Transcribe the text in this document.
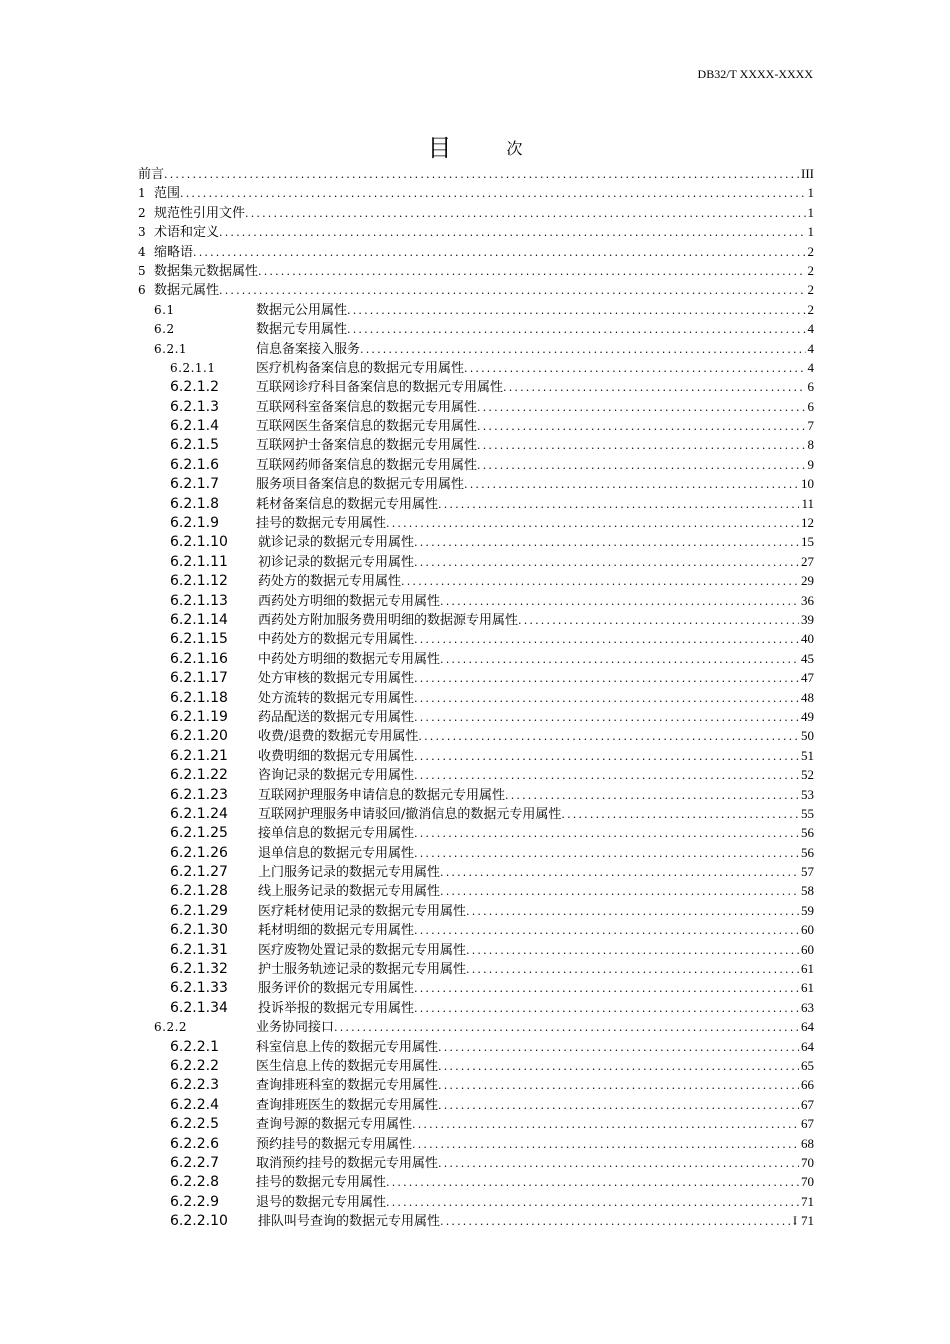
DB32/T XXXX-XXXX
目	次
前言 .....	III
1 范围 .....	1
2 规范性引用文件 .....	1
3 术语和定义 .....	1
4 缩略语 .....	2
5 数据集元数据属性 .....	2
6 数据元属性 .....	2
6.1	数据元公用属性 .....	2
6.2	数据元专用属性 .....	4
6.2.1	信息备案接入服务 .....	4
6.2.1.1	医疗机构备案信息的数据元专用属性 .....	4
6.2.1.2	互联网诊疗科目备案信息的数据元专用属性 .....	6
6.2.1.3	互联网科室备案信息的数据元专用属性 .....	6
6.2.1.4	互联网医生备案信息的数据元专用属性 .....	7
6.2.1.5	互联网护士备案信息的数据元专用属性 .....	8
6.2.1.6	互联网药师备案信息的数据元专用属性 .....	9
6.2.1.7	服务项目备案信息的数据元专用属性 .....	10
6.2.1.8	耗材备案信息的数据元专用属性 .....	11
6.2.1.9	挂号的数据元专用属性 .....	12
6.2.1.10	就诊记录的数据元专用属性 .....	15
6.2.1.11	初诊记录的数据元专用属性 .....	27
6.2.1.12	药处方的数据元专用属性 .....	29
6.2.1.13	西药处方明细的数据元专用属性 .....	36
6.2.1.14	西药处方附加服务费用明细的数据源专用属性 .....	39
6.2.1.15	中药处方的数据元专用属性 .....	40
6.2.1.16	中药处方明细的数据元专用属性 .....	45
6.2.1.17	处方审核的数据元专用属性 .....	47
6.2.1.18	处方流转的数据元专用属性 .....	48
6.2.1.19	药品配送的数据元专用属性 .....	49
6.2.1.20	收费/退费的数据元专用属性 .....	50
6.2.1.21	收费明细的数据元专用属性 .....	51
6.2.1.22	咨询记录的数据元专用属性 .....	52
6.2.1.23	互联网护理服务申请信息的数据元专用属性 .....	53
6.2.1.24	互联网护理服务申请驳回/撤消信息的数据元专用属性 .....	55
6.2.1.25	接单信息的数据元专用属性 .....	56
6.2.1.26	退单信息的数据元专用属性 .....	56
6.2.1.27	上门服务记录的数据元专用属性 .....	57
6.2.1.28	线上服务记录的数据元专用属性 .....	58
6.2.1.29	医疗耗材使用记录的数据元专用属性 .....	59
6.2.1.30	耗材明细的数据元专用属性 .....	60
6.2.1.31	医疗废物处置记录的数据元专用属性 .....	60
6.2.1.32	护士服务轨迹记录的数据元专用属性 .....	61
6.2.1.33	服务评价的数据元专用属性 .....	61
6.2.1.34	投诉举报的数据元专用属性 .....	63
6.2.2	业务协同接口 .....	64
6.2.2.1	科室信息上传的数据元专用属性 .....	64
6.2.2.2	医生信息上传的数据元专用属性 .....	65
6.2.2.3	查询排班科室的数据元专用属性 .....	66
6.2.2.4	查询排班医生的数据元专用属性 .....	67
6.2.2.5	查询号源的数据元专用属性 .....	67
6.2.2.6	预约挂号的数据元专用属性 .....	68
6.2.2.7	取消预约挂号的数据元专用属性 .....	70
6.2.2.8	挂号的数据元专用属性 .....	70
6.2.2.9	退号的数据元专用属性 .....	71
6.2.2.10	排队叫号查询的数据元专用属性 .....	71
I
